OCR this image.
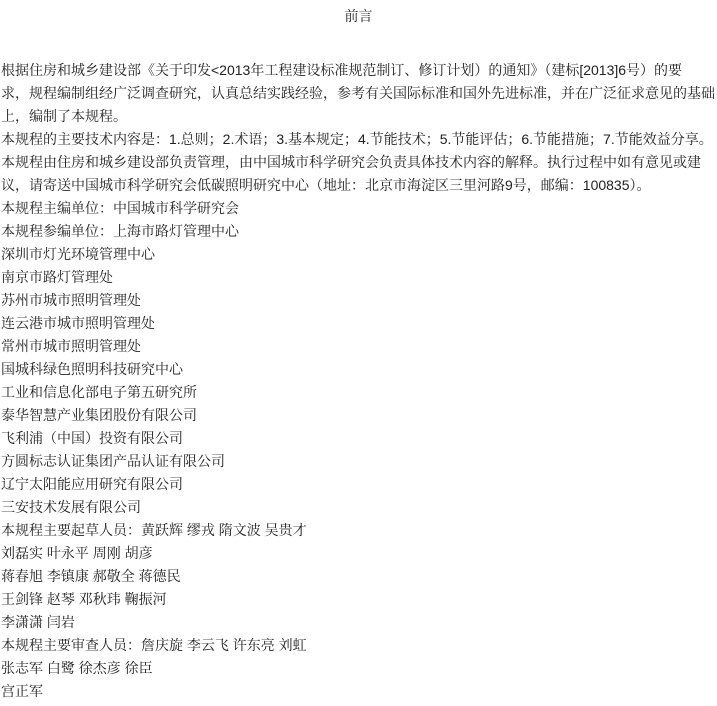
前言
根据住房和城乡建设部《关于印发<2013年工程建设标准规范制订、修订计划）的通知》（建标[2013]6号）的要
求，规程编制组经广泛调查研究，认真总结实践经验，参考有关国际标准和国外先进标准，并在广泛征求意见的基础
上，编制了本规程。
本规程的主要技术内容是：1.总则；2.术语；3.基本规定；4.节能技术；5.节能评估；6.节能措施；7.节能效益分享。
本规程由住房和城乡建设部负责管理，由中国城市科学研究会负责具体技术内容的解释。执行过程中如有意见或建
议，请寄送中国城市科学研究会低碳照明研究中心（地址：北京市海淀区三里河路9号，邮编：100835）。
本规程主编单位：中国城市科学研究会
本规程参编单位：上海市路灯管理中心
深圳市灯光环境管理中心
南京市路灯管理处
苏州市城市照明管理处
连云港市城市照明管理处
常州市城市照明管理处
国城科绿色照明科技研究中心
工业和信息化部电子第五研究所
泰华智慧产业集团股份有限公司
飞利浦（中国）投资有限公司
方圆标志认证集团产品认证有限公司
辽宁太阳能应用研究有限公司
三安技术发展有限公司
本规程主要起草人员：黄跃辉 缪戎 隋文波 吴贵才
刘磊实 叶永平 周刚 胡彦
蒋春旭 李镇康 郝敬全 蒋德民
王剑锋 赵琴 邓秋玮 鞠振河
李潇潇 闫岩
本规程主要审查人员：詹庆旋 李云飞 许东亮 刘虹
张志军 白鹭 徐杰彦 徐臣
宫正军
